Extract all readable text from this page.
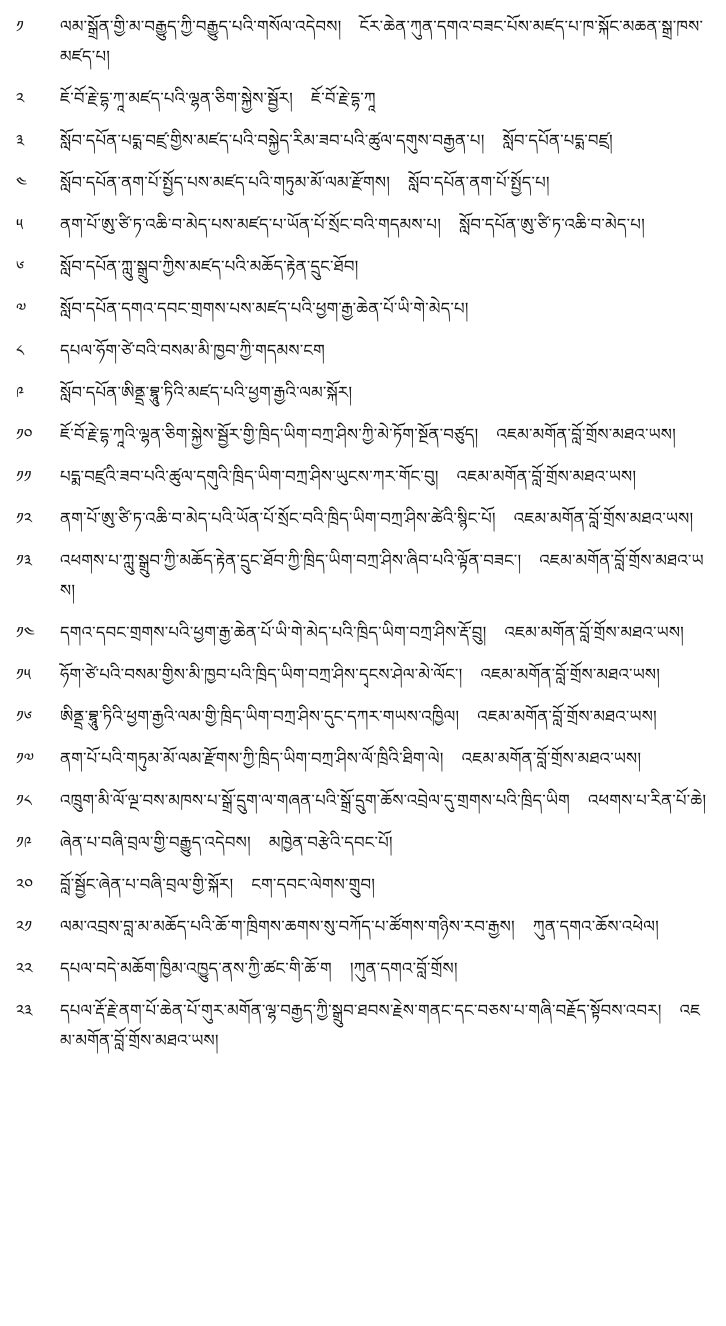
༡	ལམ་སྒྲོན་གྱི་མ་བརྒྱུད་ཀྱི་བརྒྱུད་པའི་གསོལ་འདེབས། ངོར་ཆེན་ཀུན་དགའ་བཟང་པོས་མཛད་པ་ཁ་སྐོང་མཆན་སྒྲ་ཁས་མཛད་པ།
༢	ཇོ་བོ་རྗེ་དྷ་ཀཱ་མཛད་པའི་ལྷན་ཅིག་སྐྱེས་སྦྱོར། ཇོ་བོ་རྗེ་དྷ་ཀཱ
༣	སློབ་དཔོན་པདྨ་བཛྲ་གྱིས་མཛད་པའི་བསྐྱེད་རིམ་ཟབ་པའི་ཚུལ་དགུས་བརྒྱན་པ། སློབ་དཔོན་པདྨ་བཛྲ།
༤	སློབ་དཔོན་ནག་པོ་སྤྱོད་པས་མཛད་པའི་གཏུམ་མོ་ལམ་རྫོགས། སློབ་དཔོན་ནག་པོ་སྤྱོད་པ།
༥	ནག་པོ་ཨུ་ཙི་ཏ་འཆི་བ་མེད་པས་མཛད་པ་ཡོན་པོ་སྲོང་བའི་གདམས་པ། སློབ་དཔོན་ཨུ་ཙི་ཏ་འཆི་བ་མེད་པ།
༦	སློབ་དཔོན་ཀླུ་སྒྲུབ་ཀྱིས་མཛད་པའི་མཆོད་རྟེན་དྲུང་ཐོབ།
༧	སློབ་དཔོན་དགའ་དབང་གྲགས་པས་མཛད་པའི་ཕྱག་རྒྱ་ཆེན་པོ་ཡི་གེ་མེད་པ།
༨	དཔལ་ཧོག་ཙེ་བའི་བསམ་མི་ཁྱབ་ཀྱི་གདམས་ངག
༩	སློབ་དཔོན་ཨིནྡྲ་བྷཱུ་ཏིའི་མཛད་པའི་ཕྱག་རྒྱའི་ལམ་སྐོར།
༡༠	ཇོ་བོ་རྗེ་དྷ་ཀཱའི་ལྷན་ཅིག་སྐྱེས་སྦྱོར་གྱི་ཁྲིད་ཡིག་བཀྲ་ཤིས་ཀྱི་མེ་ཏོག་སྔོན་བཙུད། འཇམ་མགོན་བློ་གྲོས་མཐའ་ཡས།
༡༡	པདྨ་བཛྲའི་ཟབ་པའི་ཚུལ་དགུའི་ཁྲིད་ཡིག་བཀྲ་ཤིས་ཡུངས་ཀར་གོང་བུ། འཇམ་མགོན་བློ་གྲོས་མཐའ་ཡས།
༡༢	ནག་པོ་ཨུ་ཙི་ཏ་འཆི་བ་མེད་པའི་ཡོན་པོ་སྲོང་བའི་ཁྲིད་ཡིག་བཀྲ་ཤིས་ཚེའི་སྙིང་པོ། འཇམ་མགོན་བློ་གྲོས་མཐའ་ཡས།
༡༣	འཕགས་པ་ཀླུ་སྒྲུབ་ཀྱི་མཆོད་རྟེན་དྲུང་ཐོབ་ཀྱི་ཁྲིད་ཡིག་བཀྲ་ཤིས་ཞིབ་པའི་ལྟོན་བཟང་། འཇམ་མགོན་བློ་གྲོས་མཐའ་ཡས།
༡༤	དགའ་དབང་གྲགས་པའི་ཕྱག་རྒྱ་ཆེན་པོ་ཡི་གེ་མེད་པའི་ཁྲིད་ཡིག་བཀྲ་ཤིས་རྡོ་བྲུ། འཇམ་མགོན་བློ་གྲོས་མཐའ་ཡས།
༡༥	ཧོག་ཙེ་པའི་བསམ་གྱིས་མི་ཁྱབ་པའི་ཁྲིད་ཡིག་བཀྲ་ཤིས་དྭངས་ཤེལ་མེ་ལོང་། འཇམ་མགོན་བློ་གྲོས་མཐའ་ཡས།
༡༦	ཨིནྡྲ་བྷཱུ་ཏིའི་ཕྱག་རྒྱའི་ལམ་གྱི་ཁྲིད་ཡིག་བཀྲ་ཤིས་དུང་དཀར་གཡས་འཁྱིལ། འཇམ་མགོན་བློ་གྲོས་མཐའ་ཡས།
༡༧	ནག་པོ་པའི་གཏུམ་མོ་ལམ་རྫོགས་ཀྱི་ཁྲིད་ཡིག་བཀྲ་ཤིས་ལོ་ཁྲིའི་ཐིག་ལེ། འཇམ་མགོན་བློ་གྲོས་མཐའ་ཡས།
༡༨	འཁྲུག་མི་ལོ་ལྔ་བས་མཁས་པ་སྒྲོ་དྲུག་ལ་གཞན་པའི་སྒྲོ་དྲུག་ཆོས་འབྲེལ་དུ་གྲགས་པའི་ཁྲིད་ཡིག འཕགས་པ་རིན་པོ་ཆེ།
༡༩	ཞེན་པ་བཞི་བྲལ་གྱི་བརྒྱུད་འདེབས། མཁྱེན་བརྩེའི་དབང་པོ།
༢༠	བློ་སྦྱོང་ཞེན་པ་བཞི་བྲལ་གྱི་སྐོར། ངག་དབང་ལེགས་གྲུབ།
༢༡	ལམ་འབྲས་བླ་མ་མཆོད་པའི་ཆོ་ག་ཁྲིགས་ཆགས་སུ་བཀོད་པ་ཚོགས་གཉིས་རབ་རྒྱས། ཀུན་དགའ་ཆོས་འཕེལ།
༢༢	དཔལ་བདེ་མཆོག་ཁྱིམ་འཁྱུད་ནས་ཀྱི་ཚང་གི་ཆོ་ག །ཀུན་དགའ་བློ་གྲོས།
༢༣	དཔལ་རྡོ་རྗེ་ནག་པོ་ཆེན་པོ་གུར་མགོན་ལྷ་བརྒྱད་ཀྱི་སྒྲུབ་ཐབས་རྗེས་གནང་དང་བཅས་པ་གཞི་བརྗོད་སྟོབས་འབར། འཇམ་མགོན་བློ་གྲོས་མཐའ་ཡས།
